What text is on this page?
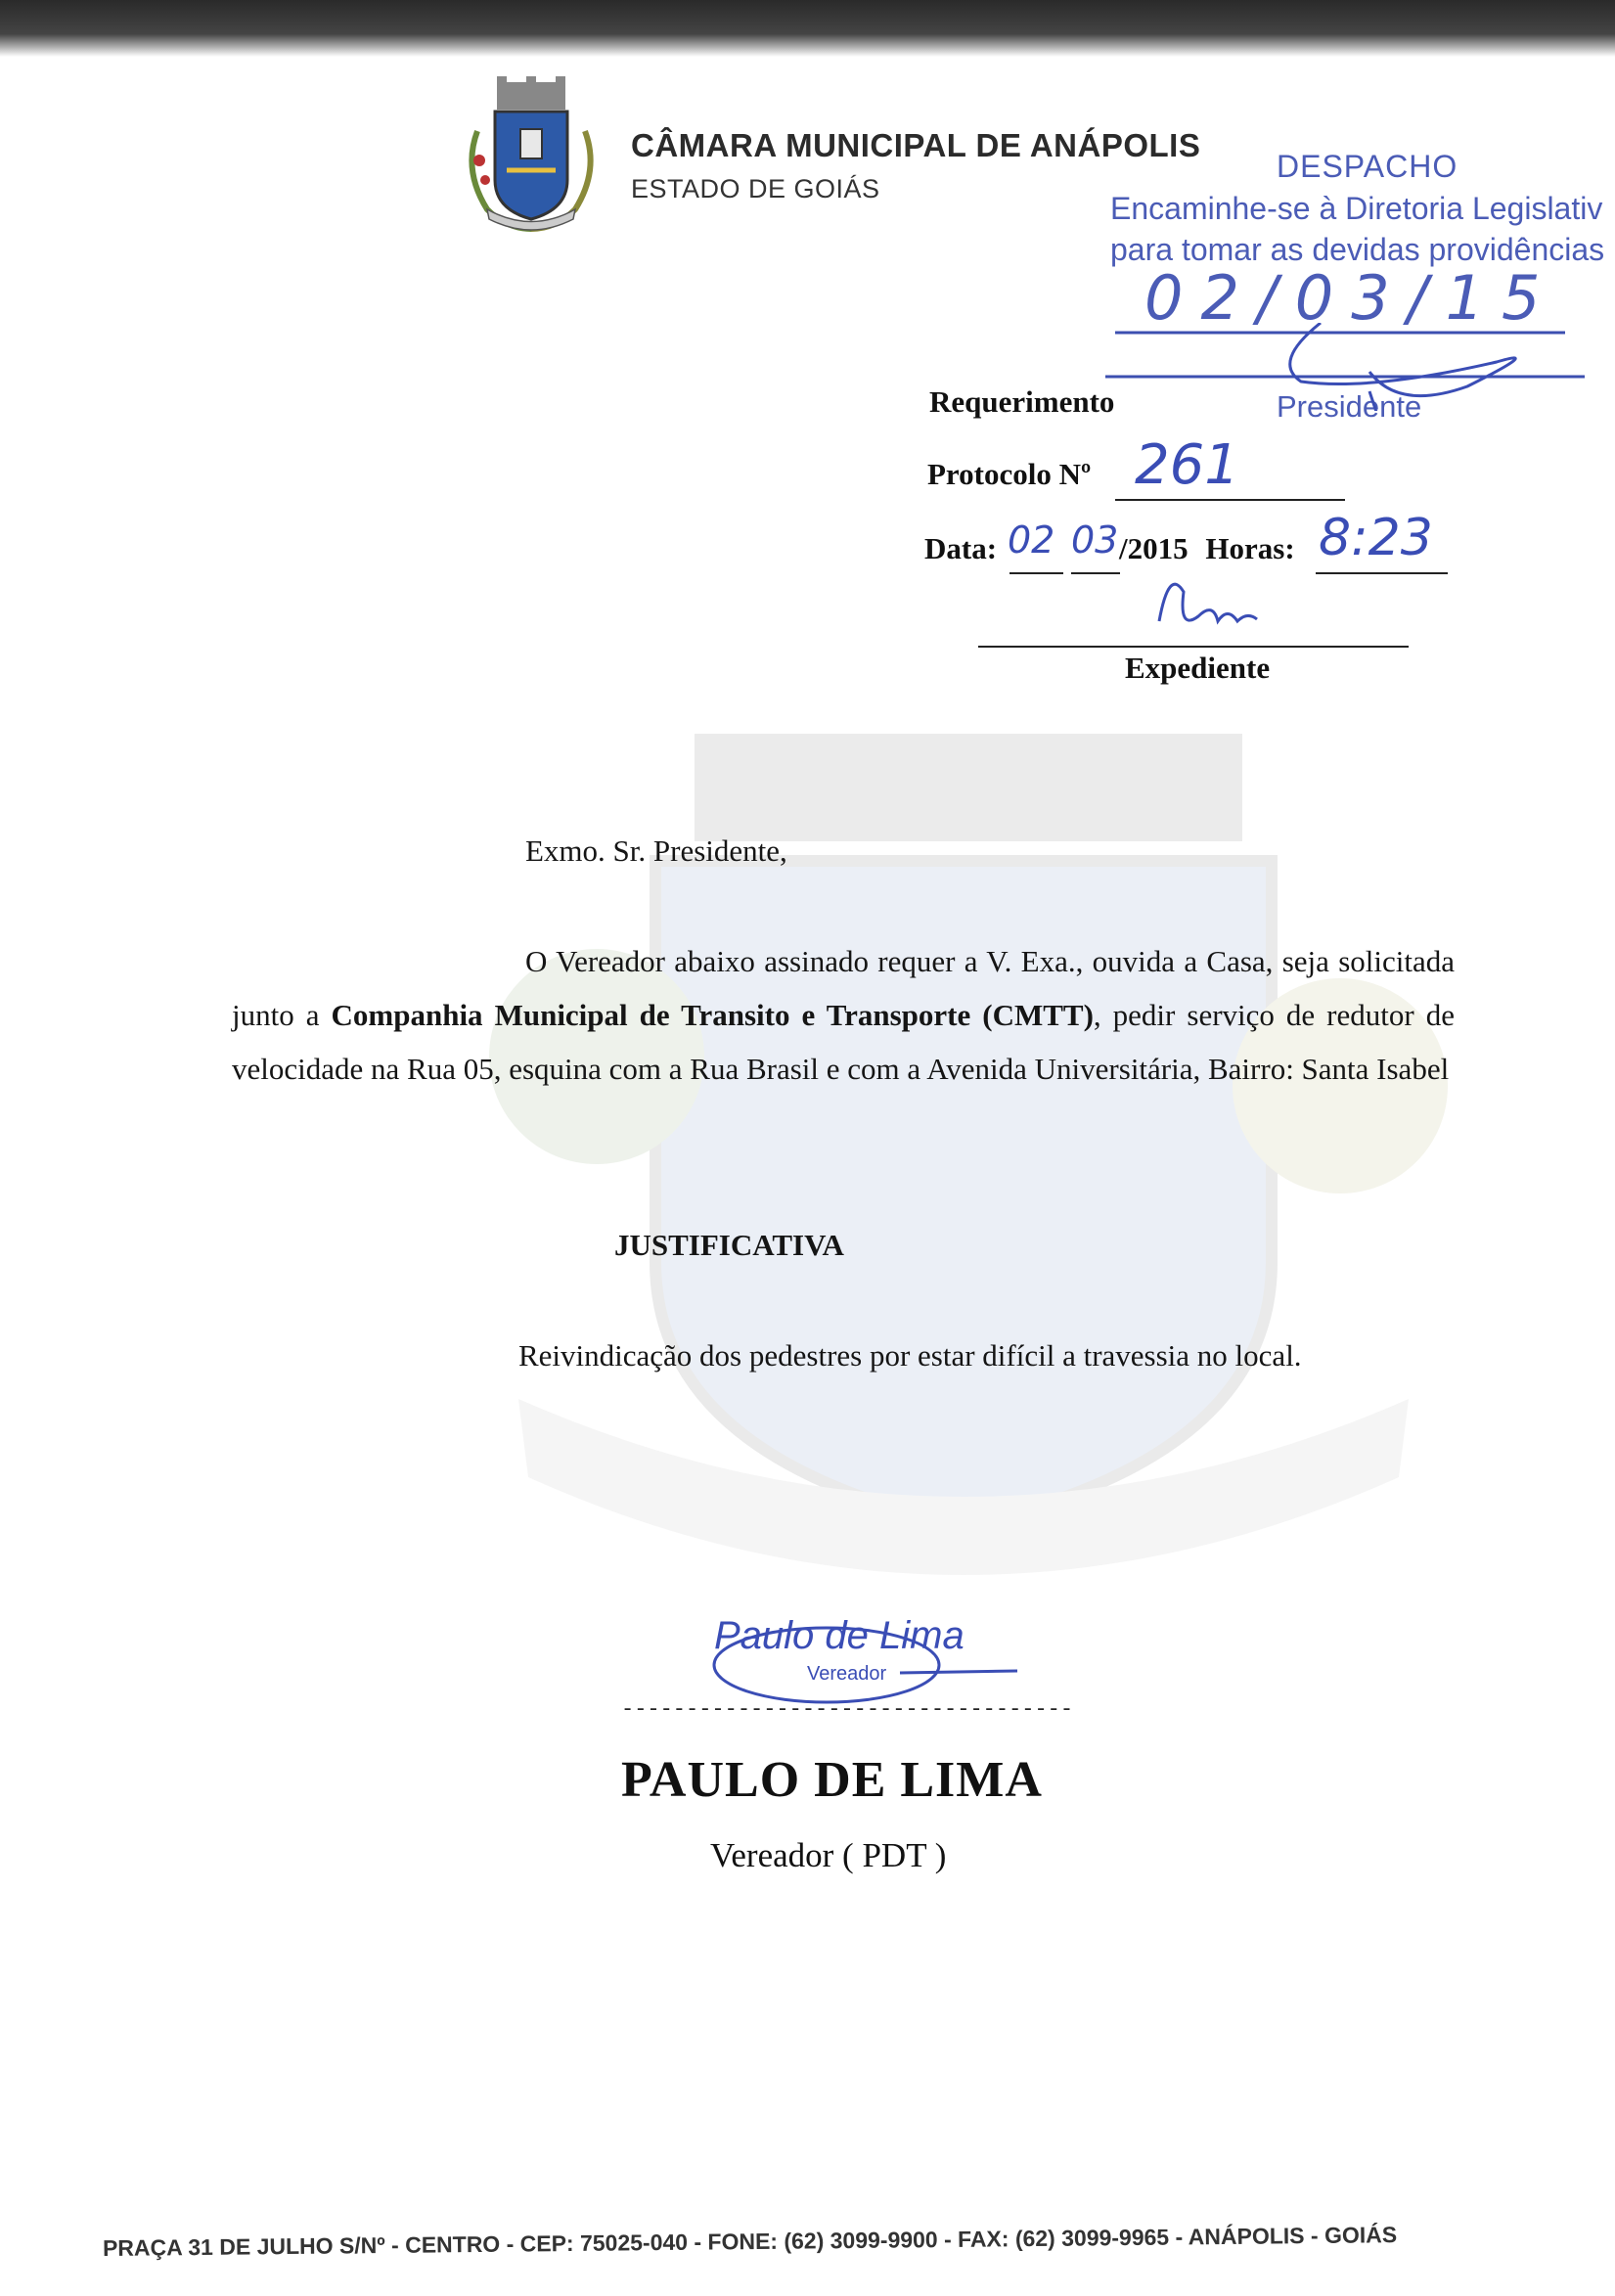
CÂMARA MUNICIPAL DE ANÁPOLIS
ESTADO DE GOIÁS
DESPACHO
Encaminhe-se à Diretoria Legislativ
para tomar as devidas providências
02/03/15
Presidente
Requerimento
Protocolo Nº 261
Data:	/2015 Horas:
02 03	8:23
Expediente
Exmo. Sr. Presidente,
O Vereador abaixo assinado requer a V. Exa., ouvida a Casa, seja solicitada junto a Companhia Municipal de Transito e Transporte (CMTT), pedir serviço de redutor de velocidade na Rua 05, esquina com a Rua Brasil e com a Avenida Universitária, Bairro: Santa Isabel
JUSTIFICATIVA
Reivindicação dos pedestres por estar difícil a travessia no local.
Paulo de Lima
Vereador
-----------------------------------
PAULO DE LIMA
Vereador ( PDT )
PRAÇA 31 DE JULHO S/Nº - CENTRO - CEP: 75025-040 - FONE: (62) 3099-9900 - FAX: (62) 3099-9965 - ANÁPOLIS - GOIÁS
